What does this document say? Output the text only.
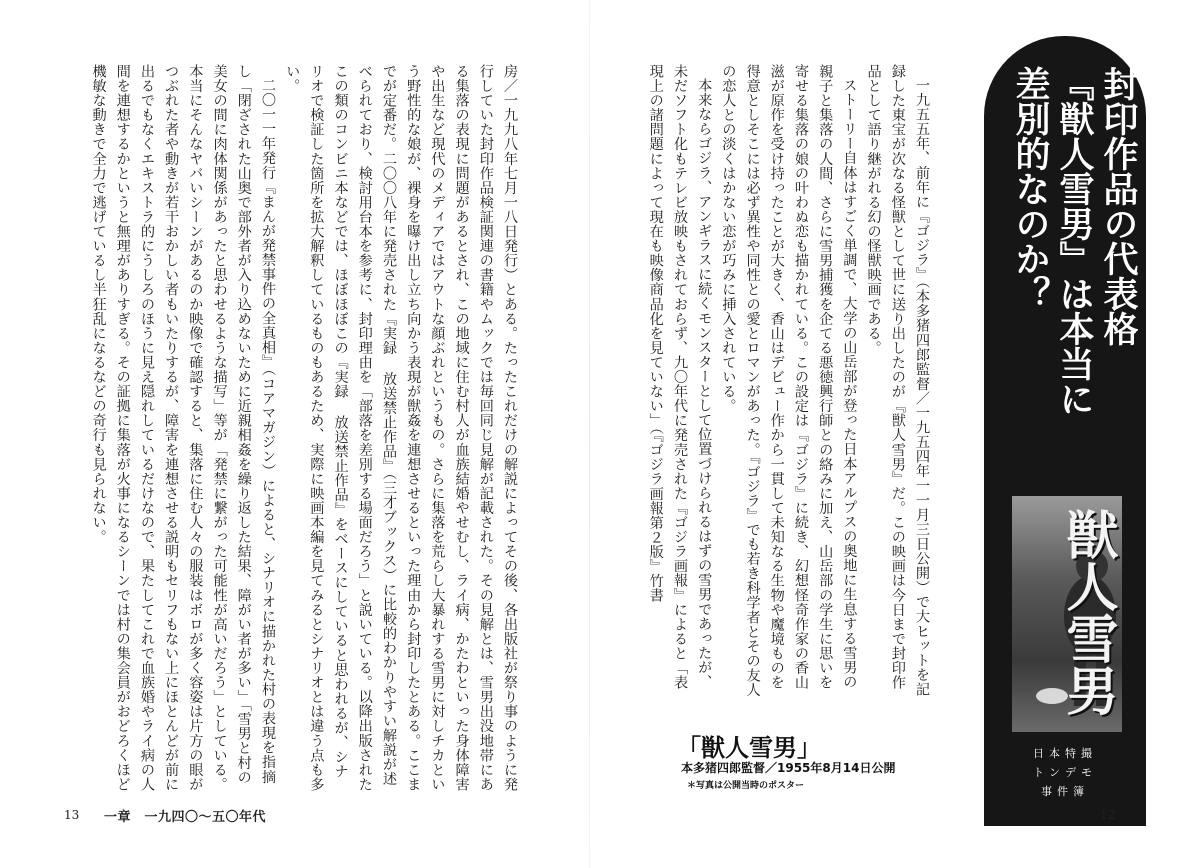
房／一九九八年七月一八日発行）とある。たったこれだけの解説によってその後、各出版社が祭り事のように発行していた封印作品検証関連の書籍やムックでは毎回同じ見解が記載された。その見解とは、雪男出没地帯にある集落の表現に問題があるとされ、この地域に住む村人が血族結婚やせむし、ライ病、かたわといった身体障害や出生など現代のメディアではアウトな顔ぶれというもの。さらに集落を荒らし大暴れする雪男に対しチカという野性的な娘が、裸身を曝け出し立ち向かう表現が獣姦を連想させるといった理由から封印したとある。ここまでが定番だ。二〇〇八年に発売された『実録 放送禁止作品』（三才ブックス）に比較的わかりやすい解説が述べられており、検討用台本を参考に、封印理由を「部落を差別する場面だろう」と説いている。以降出版されたこの類のコンビニ本などでは、ほぼほぼこの『実録 放送禁止作品』をベースにしていると思われるが、シナリオで検証した箇所を拡大解釈しているものもあるため、実際に映画本編を見てみるとシナリオとは違う点も多い。
二〇一一年発行『まんが発禁事件の全真相』（コアマガジン）によると、シナリオに描かれた村の表現を指摘し「閉ざされた山奥で部外者が入り込めないために近親相姦を繰り返した結果、障がい者が多い」「雪男と村の美女の間に肉体関係があったと思わせるような描写」等が「発禁に繋がった可能性が高いだろう」としている。本当にそんなヤバいシーンがあるのか映像で確認すると、集落に住む人々の服装はボロが多く容姿は片方の眼がつぶれた者や動きが若干おかしい者もいたりするが、障害を連想させる説明もセリフもない上にほとんどが前に出るでもなくエキストラ的にうしろのほうに見え隠れしているだけなので、果たしてこれで血族婚やライ病の人間を連想するかというと無理がありすぎる。その証拠に集落が火事になるシーンでは村の集会員がおどろくほど機敏な動きで全力で逃げているし半狂乱になるなどの奇行も見られない。	一九五五年、前年に『ゴジラ』（本多猪四郎監督／一九五四年一一月三日公開）で大ヒットを記録した東宝が次なる怪獣として世に送り出したのが『獣人雪男』だ。この映画は今日まで封印作品として語り継がれる幻の怪獣映画である。
ストーリー自体はすごく単調で、大学の山岳部が登った日本アルプスの奥地に生息する雪男の親子と集落の人間、さらに雪男捕獲を企てる悪徳興行師との絡みに加え、山岳部の学生に思いを寄せる集落の娘の叶わぬ恋も描かれている。この設定は『ゴジラ』に続き、幻想怪奇作家の香山滋が原作を受け持ったことが大きく、香山はデビュー作から一貫して未知なる生物や魔境ものを得意としそこには必ず異性や同性との愛とロマンがあった。『ゴジラ』でも若き科学者とその友人の恋人との淡くはかない恋が巧みに挿入されている。
本来ならゴジラ、アンギラスに続くモンスターとして位置づけられるはずの雪男であったが、未だソフト化もテレビ放映もされておらず、九〇年代に発売された『ゴジラ画報』によると「表現上の諸問題によって現在も映像商品化を見ていない」（『ゴジラ画報第２版』竹書	封印作品の代表格
『獣人雪男』は本当に
差別的なのか？
獣人雪男
日本特撮
トンデモ
事件簿
「獣人雪男」
本多猪四郎監督／1955年8月14日公開
＊写真は公開当時のポスター
13 一章　一九四〇～五〇年代	12
